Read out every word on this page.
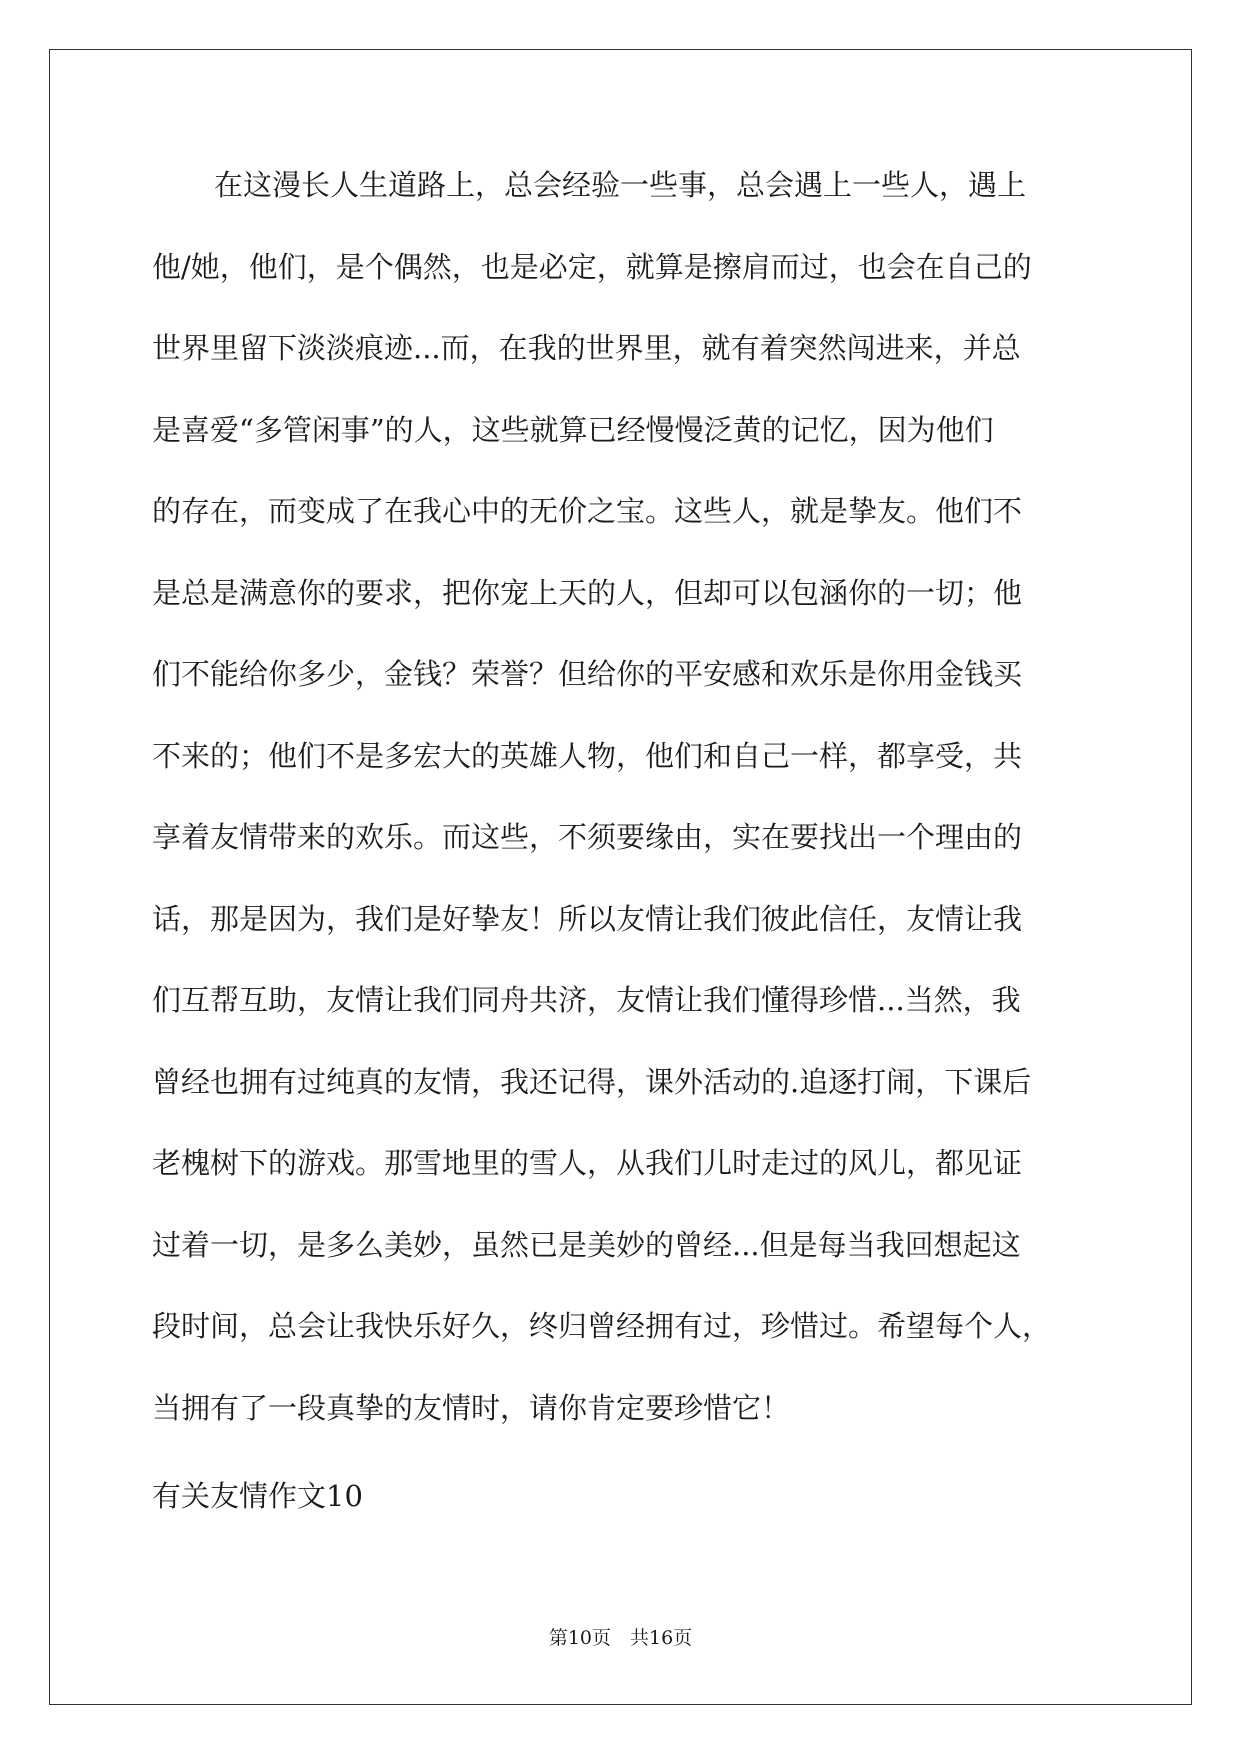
在这漫长人生道路上，总会经验一些事，总会遇上一些人，遇上
他/她，他们，是个偶然，也是必定，就算是擦肩而过，也会在自己的
世界里留下淡淡痕迹...而，在我的世界里，就有着突然闯进来，并总
是喜爱“多管闲事”的人，这些就算已经慢慢泛黄的记忆，因为他们
的存在，而变成了在我心中的无价之宝。这些人，就是挚友。他们不
是总是满意你的要求，把你宠上天的人，但却可以包涵你的一切；他
们不能给你多少，金钱？荣誉？但给你的平安感和欢乐是你用金钱买
不来的；他们不是多宏大的英雄人物，他们和自己一样，都享受，共
享着友情带来的欢乐。而这些，不须要缘由，实在要找出一个理由的
话，那是因为，我们是好挚友！所以友情让我们彼此信任，友情让我
们互帮互助，友情让我们同舟共济，友情让我们懂得珍惜...当然，我
曾经也拥有过纯真的友情，我还记得，课外活动的.追逐打闹，下课后
老槐树下的游戏。那雪地里的雪人，从我们儿时走过的风儿，都见证
过着一切，是多么美妙，虽然已是美妙的曾经...但是每当我回想起这
段时间，总会让我快乐好久，终归曾经拥有过，珍惜过。希望每个人，
当拥有了一段真挚的友情时，请你肯定要珍惜它！
有关友情作文10
第10页　共16页
